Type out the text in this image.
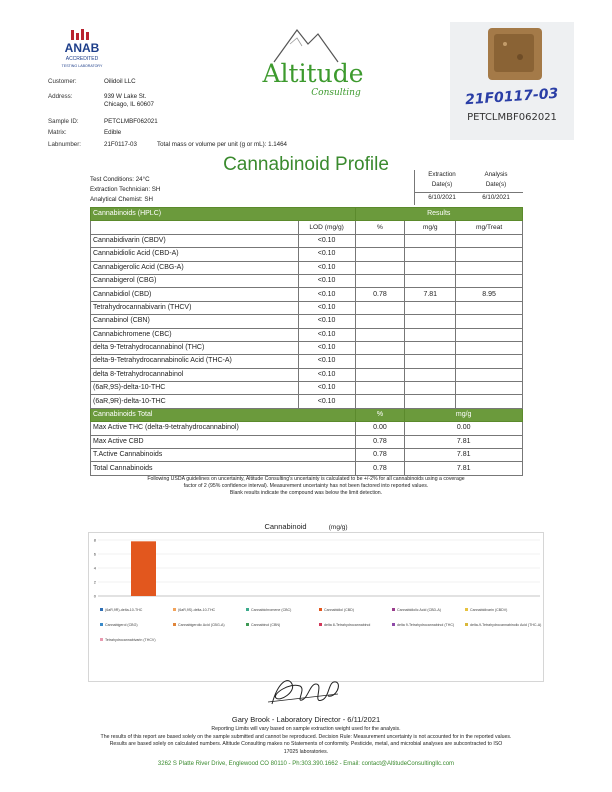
ANAB
ACCREDITED
TESTING LABORATORY	Altitude
Consulting	21F0117-03
PETCLMBF062021
Customer:	Oilidoil LLC
Address:	939 W Lake St.
Chicago, IL 60607
Sample ID:	PETCLMBF062021
Matrix:	Edible
Labnumber:	21F0117-03	Total mass or volume per unit (g or mL): 1.1464
Cannabinoid Profile
Test Conditions: 24°C
Extraction Technician: SH
Analytical Chemist: SH
Extraction
Date(s)
Analysis
Date(s)
6/10/2021	6/10/2021
Cannabinoids (HPLC)		Results		
	LOD (mg/g)	%	mg/g	mg/Treat
Cannabidivarin (CBDV)	<0.10			
Cannabidiolic Acid (CBD-A)	<0.10			
Cannabigerolic Acid (CBG-A)	<0.10			
Cannabigerol (CBG)	<0.10			
Cannabidiol (CBD)	<0.10	0.78	7.81	8.95
Tetrahydrocannabivarin (THCV)	<0.10			
Cannabinol (CBN)	<0.10			
Cannabichromene (CBC)	<0.10			
delta 9-Tetrahydrocannabinol (THC)	<0.10			
delta-9-Tetrahydrocannabinolic Acid (THC-A)	<0.10			
delta 8-Tetrahydrocannabinol	<0.10			
(6aR,9S)-delta-10-THC	<0.10			
(6aR,9R)-delta-10-THC	<0.10			
Cannabinoids Total		%	mg/g	
Max Active THC (delta-9-tetrahydrocannabinol)		0.00	0.00	
Max Active CBD		0.78	7.81	
T.Active Cannabinoids		0.78	7.81	
Total Cannabinoids		0.78	7.81	
Following USDA guidelines on uncertainty, Altitude Consulting's uncertainty is calculated to be +/-2% for all cannabinoids using a coverage
factor of 2 (95% confidence interval). Measurement uncertainty has not been factored into reported values.
Blank results indicate the compound was below the limit detection.
Cannabinoid	(mg/g)
8
6
4
2
0
(6aR,9R)-delta-10-THC	(6aR,9S)-delta-10-THC	Cannabichromene (CBC)	Cannabidiol (CBD)	Cannabidiolic Acid (CBD-A)	Cannabidivarin (CBDV)
Cannabigerol (CBG)	Cannabigerolic Acid (CBG-A)	Cannabinol (CBN)	delta 8-Tetrahydrocannabinol	delta 9-Tetrahydrocannabinol (THC)	delta-9-Tetrahydrocannabinolic Acid (THC-A)
Tetrahydrocannabivarin (THCV)
Gary Brook - Laboratory Director - 6/11/2021
Reporting Limits will vary based on sample extraction weight used for the analysis.
The results of this report are based solely on the sample submitted and cannot be reproduced. Decision Rule: Measurement uncertainty is not accounted for in the reported values.
Results are based solely on calculated numbers. Altitude Consulting makes no Statements of conformity. Pesticide, metal, and microbial analyses are subcontracted to ISO
17025 laboratories.
3262 S Platte River Drive, Englewood CO 80110 - Ph:303.390.1662 - Email: contact@AltitudeConsultingllc.com
